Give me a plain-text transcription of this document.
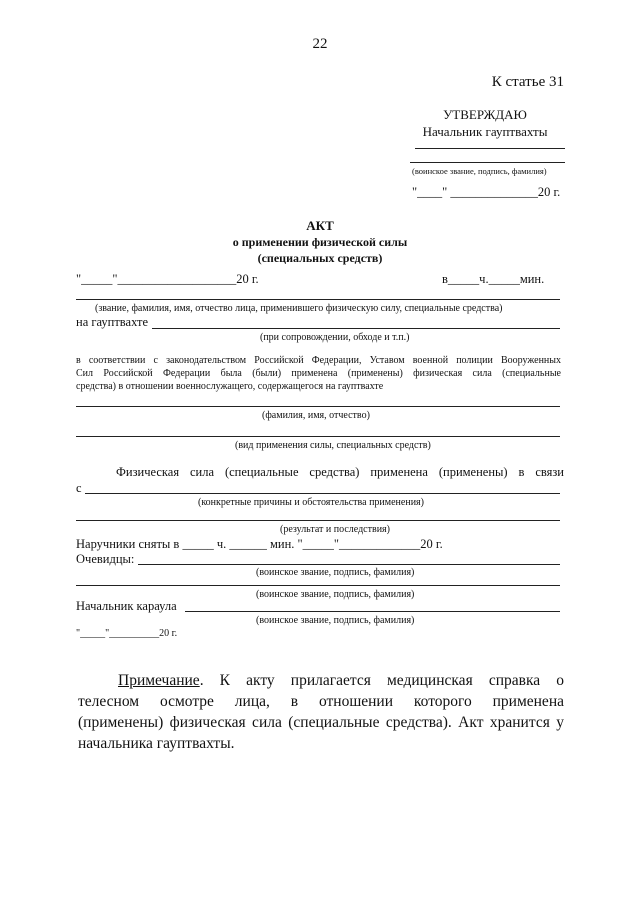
22
К статье 31
УТВЕРЖДАЮ
Начальник гауптвахты
(воинское звание, подпись, фамилия)
"____" ______________20 г.
АКТ
о применении физической силы
(специальных средств)
"_____"___________________20 г.	в_____ч._____мин.
(звание, фамилия, имя, отчество лица, применившего физическую силу, специальные средства)
на гауптвахте
(при сопровождении, обходе и т.п.)
в соответствии с законодательством Российской Федерации, Уставом военной полиции Вооруженных
Сил Российской Федерации была (были) применена (применены) физическая сила (специальные
средства) в отношении военнослужащего, содержащегося на гауптвахте
(фамилия, имя, отчество)
(вид применения силы, специальных средств)
Физическая сила (специальные средства) применена (применены) в связи
с
(конкретные причины и обстоятельства применения)
(результат и последствия)
Наручники сняты в _____ ч. ______ мин. "_____"_____________20 г.
Очевидцы:
(воинское звание, подпись, фамилия)
(воинское звание, подпись, фамилия)
Начальник караула
(воинское звание, подпись, фамилия)
"_____"__________20 г.
Примечание. К акту прилагается медицинская справка о
телесном осмотре лица, в отношении которого применена
(применены) физическая сила (специальные средства). Акт хранится у
начальника гауптвахты.
